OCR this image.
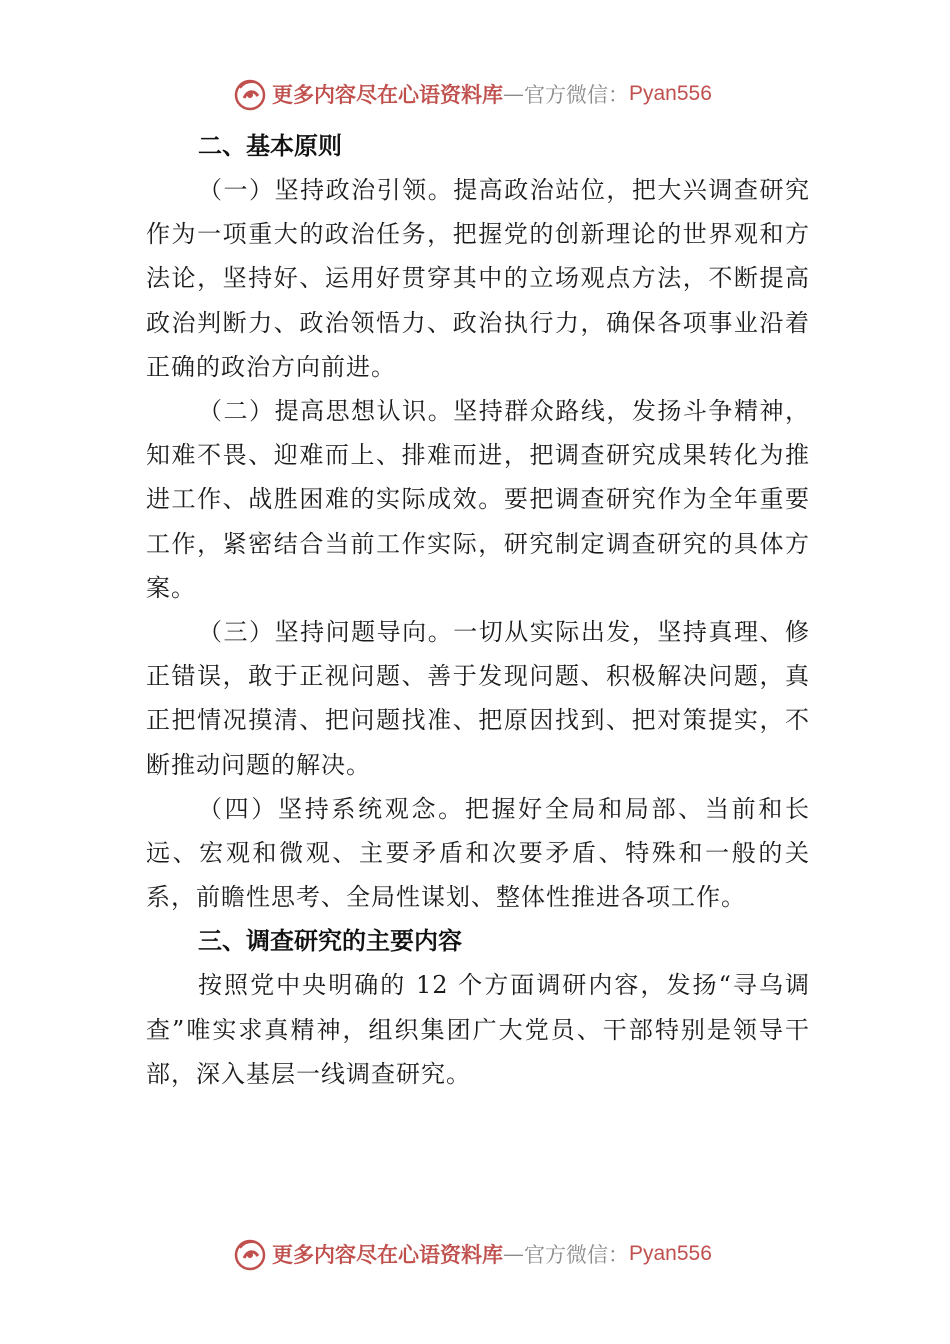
更多内容尽在心语资料库 — 官方微信： Pyan556

二、基本原则

（一）坚持政治引领。提高政治站位，把大兴调查研究作为一项重大的政治任务，把握党的创新理论的世界观和方法论，坚持好、运用好贯穿其中的立场观点方法，不断提高政治判断力、政治领悟力、政治执行力，确保各项事业沿着正确的政治方向前进。

（二）提高思想认识。坚持群众路线，发扬斗争精神，知难不畏、迎难而上、排难而进，把调查研究成果转化为推进工作、战胜困难的实际成效。要把调查研究作为全年重要工作，紧密结合当前工作实际，研究制定调查研究的具体方案。

（三）坚持问题导向。一切从实际出发，坚持真理、修正错误，敢于正视问题、善于发现问题、积极解决问题，真正把情况摸清、把问题找准、把原因找到、把对策提实，不断推动问题的解决。

（四）坚持系统观念。把握好全局和局部、当前和长远、宏观和微观、主要矛盾和次要矛盾、特殊和一般的关系，前瞻性思考、全局性谋划、整体性推进各项工作。

三、调查研究的主要内容

按照党中央明确的 12 个方面调研内容，发扬“寻乌调查”唯实求真精神，组织集团广大党员、干部特别是领导干部，深入基层一线调查研究。

更多内容尽在心语资料库 — 官方微信： Pyan556
